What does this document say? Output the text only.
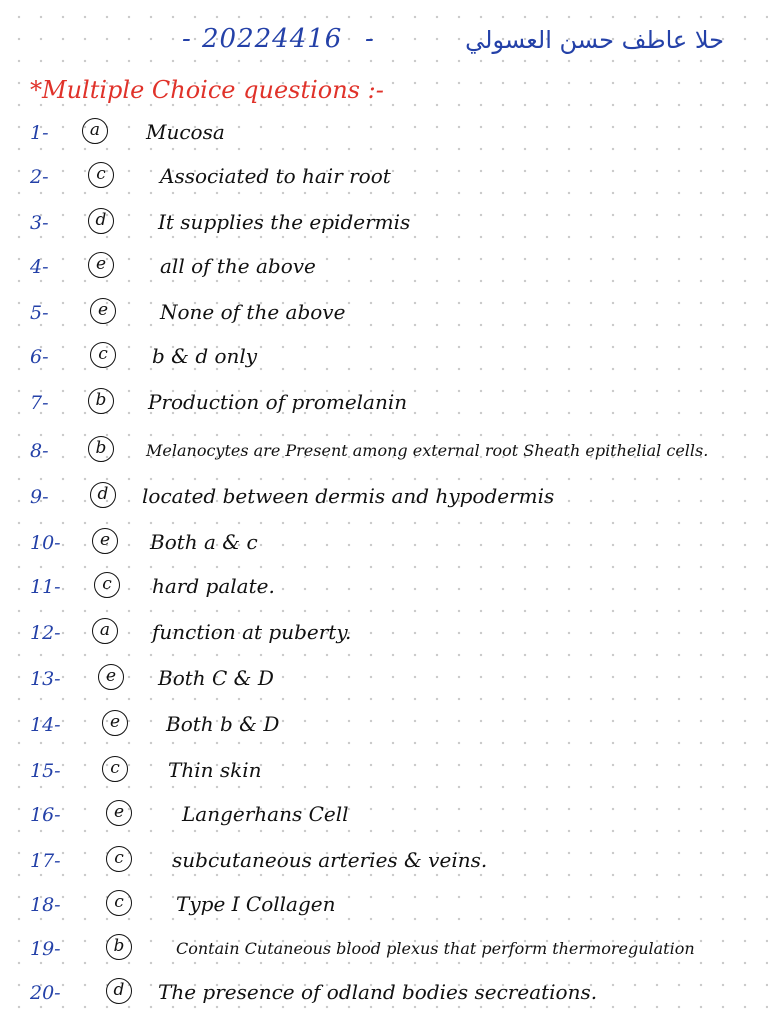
- 20224416 -	حلا عاطف حسن العسولي
*Multiple Choice questions :-
1-	a	Mucosa
2-	c	Associated to hair root
3-	d	It supplies the epidermis
4-	e	all of the above
5-	e	None of the above
6-	c	b & d only
7-	b	Production of promelanin
8-	b	Melanocytes are Present among external root Sheath epithelial cells.
9-	d	located between dermis and hypodermis
10-	e	Both a & c
11-	c	hard palate.
12-	a	function at puberty.
13-	e	Both C & D
14-	e	Both b & D
15-	c	Thin skin
16-	e	Langerhans Cell
17-	c	subcutaneous arteries & veins.
18-	c	Type I Collagen
19-	b	Contain Cutaneous blood plexus that perform thermoregulation
20-	d	The presence of odland bodies secreations.
